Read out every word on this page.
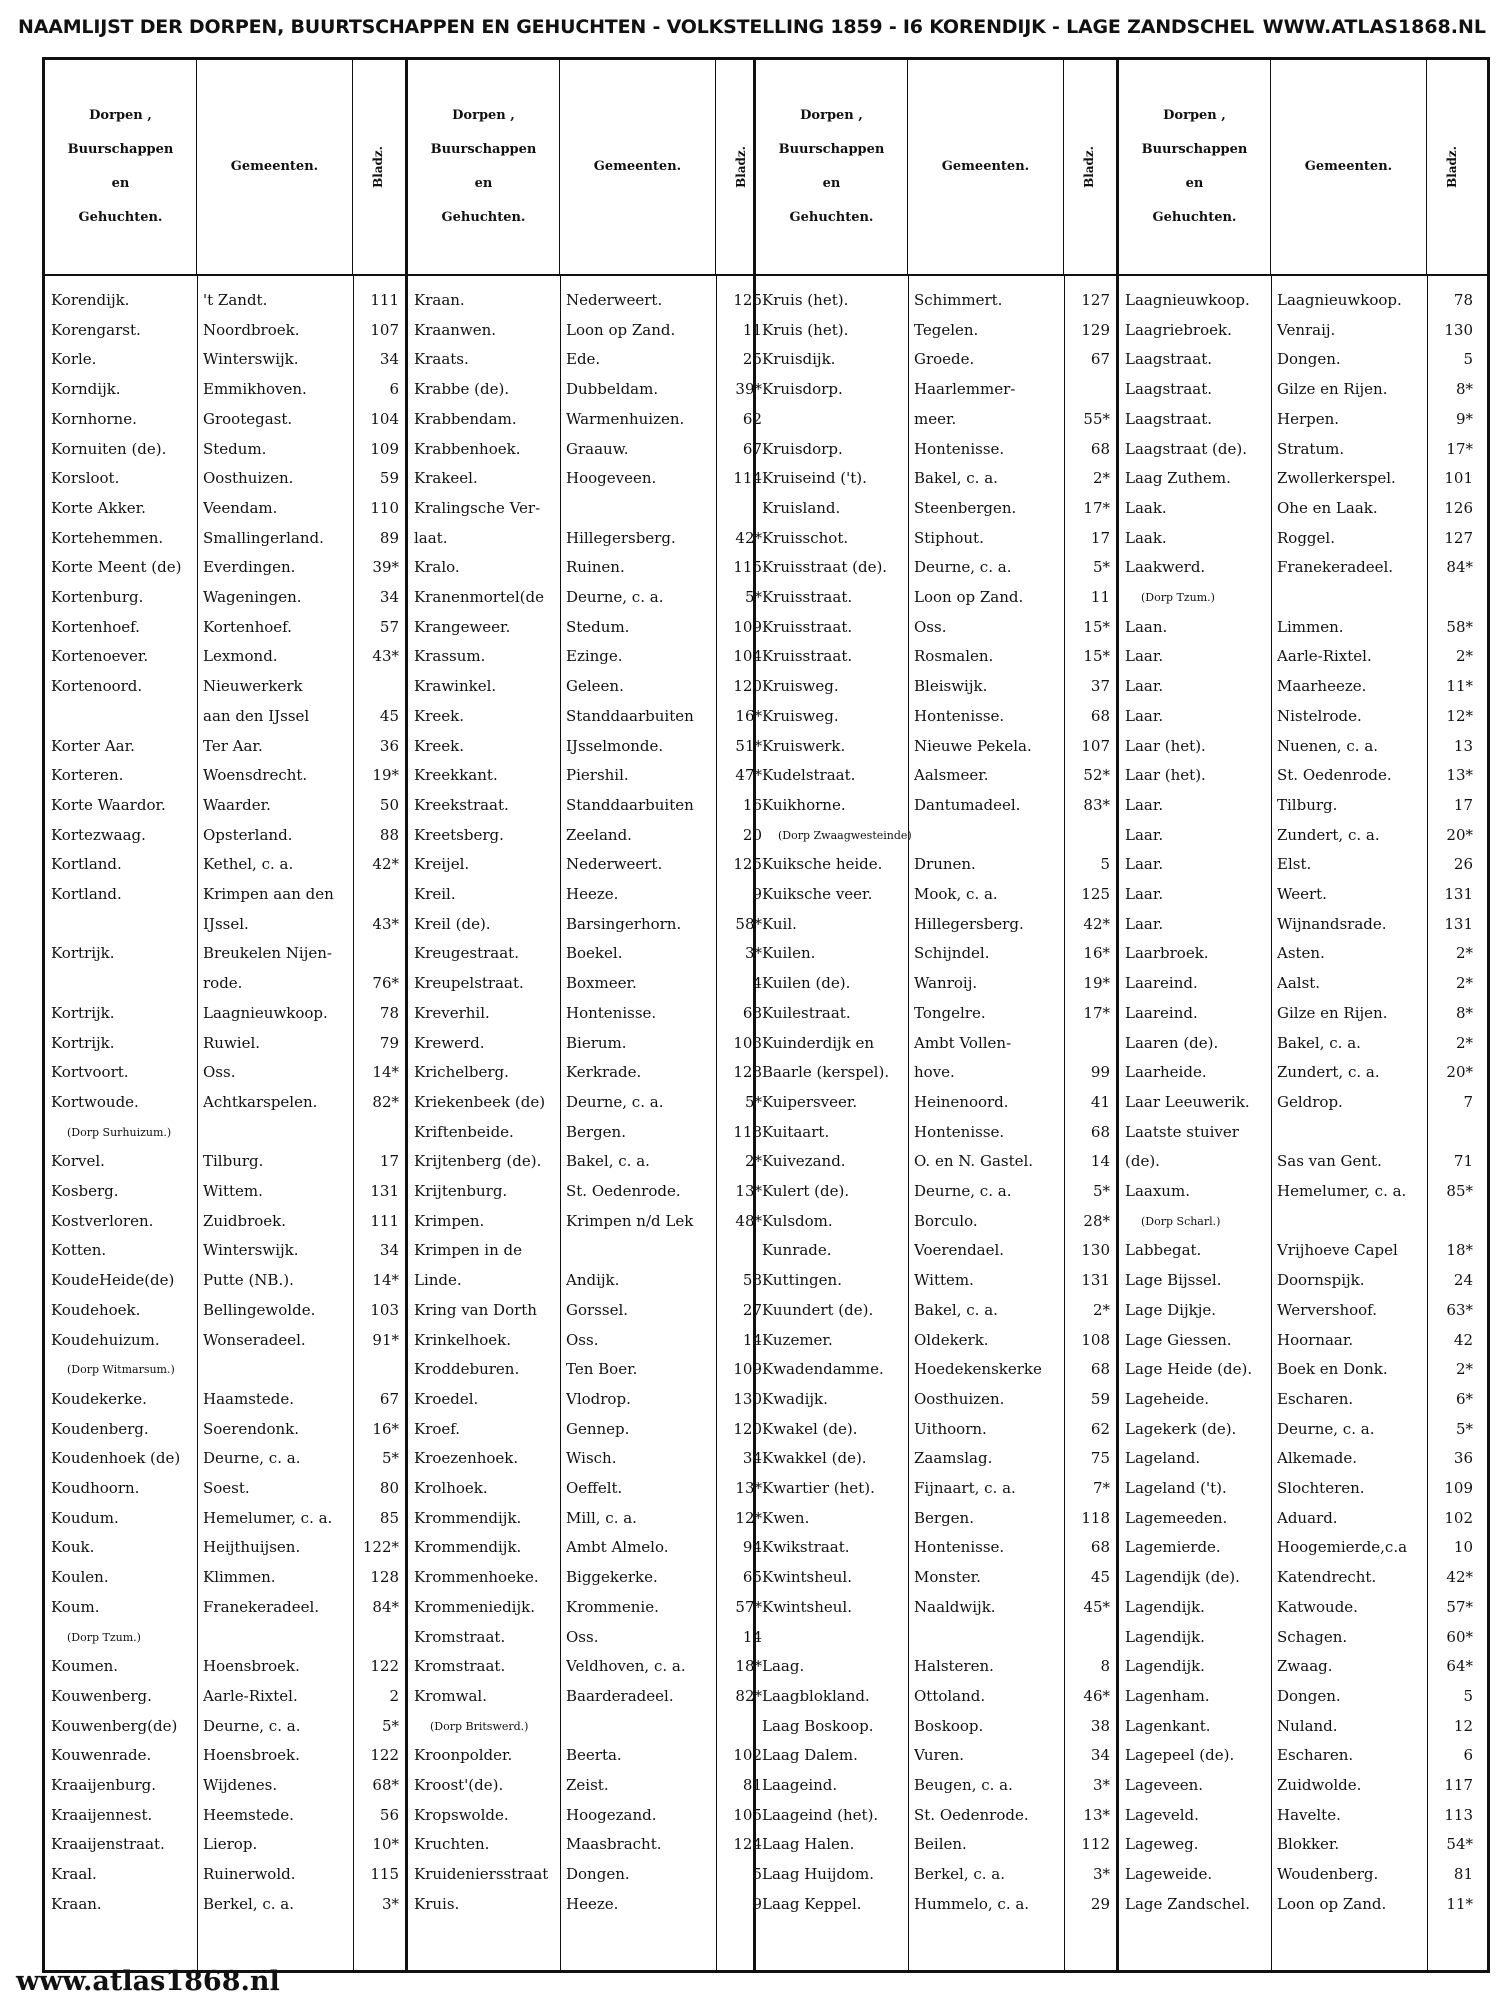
NAAMLIJST DER DORPEN, BUURTSCHAPPEN EN GEHUCHTEN - VOLKSTELLING 1859 - I6 KORENDIJK - LAGE ZANDSCHEL WWW.ATLAS1868.NL
Dorpen ,
Buurschappen
en
Gehuchten.
Gemeenten.	Bladz.
Korendijk.	't Zandt.	111
Korengarst.	Noordbroek.	107
Korle.	Winterswijk.	34
Korndijk.	Emmikhoven.	6
Kornhorne.	Grootegast.	104
Kornuiten (de).	Stedum.	109
Korsloot.	Oosthuizen.	59
Korte Akker.	Veendam.	110
Kortehemmen.	Smallingerland.	89
Korte Meent (de)	Everdingen.	39*
Kortenburg.	Wageningen.	34
Kortenhoef.	Kortenhoef.	57
Kortenoever.	Lexmond.	43*
Kortenoord.	Nieuwerkerk
aan den IJssel	45
Korter Aar.	Ter Aar.	36
Korteren.	Woensdrecht.	19*
Korte Waardor.	Waarder.	50
Kortezwaag.	Opsterland.	88
Kortland.	Kethel, c. a.	42*
Kortland.	Krimpen aan den
IJssel.	43*
Kortrijk.	Breukelen Nijen-
rode.	76*
Kortrijk.	Laagnieuwkoop.	78
Kortrijk.	Ruwiel.	79
Kortvoort.	Oss.	14*
Kortwoude.	Achtkarspelen.	82*
(Dorp Surhuizum.)
Korvel.	Tilburg.	17
Kosberg.	Wittem.	131
Kostverloren.	Zuidbroek.	111
Kotten.	Winterswijk.	34
KoudeHeide(de)	Putte (NB.).	14*
Koudehoek.	Bellingewolde.	103
Koudehuizum.	Wonseradeel.	91*
(Dorp Witmarsum.)
Koudekerke.	Haamstede.	67
Koudenberg.	Soerendonk.	16*
Koudenhoek (de)	Deurne, c. a.	5*
Koudhoorn.	Soest.	80
Koudum.	Hemelumer, c. a.	85
Kouk.	Heijthuijsen.	122*
Koulen.	Klimmen.	128
Koum.	Franekeradeel.	84*
(Dorp Tzum.)
Koumen.	Hoensbroek.	122
Kouwenberg.	Aarle-Rixtel.	2
Kouwenberg(de)	Deurne, c. a.	5*
Kouwenrade.	Hoensbroek.	122
Kraaijenburg.	Wijdenes.	68*
Kraaijennest.	Heemstede.	56
Kraaijenstraat.	Lierop.	10*
Kraal.	Ruinerwold.	115
Kraan.	Berkel, c. a.	3*
Dorpen ,
Buurschappen
en
Gehuchten.
Gemeenten.	Bladz.
Kraan.	Nederweert.	125
Kraanwen.	Loon op Zand.	11
Kraats.	Ede.	25
Krabbe (de).	Dubbeldam.	39*
Krabbendam.	Warmenhuizen.	62
Krabbenhoek.	Graauw.	67
Krakeel.	Hoogeveen.	114
Kralingsche Ver-
laat.	Hillegersberg.	42*
Kralo.	Ruinen.	115
Kranenmortel(de	Deurne, c. a.	5*
Krangeweer.	Stedum.	109
Krassum.	Ezinge.	104
Krawinkel.	Geleen.	120
Kreek.	Standdaarbuiten	16*
Kreek.	IJsselmonde.	51*
Kreekkant.	Piershil.	47*
Kreekstraat.	Standdaarbuiten	16
Kreetsberg.	Zeeland.	20
Kreijel.	Nederweert.	125
Kreil.	Heeze.	9
Kreil (de).	Barsingerhorn.	58*
Kreugestraat.	Boekel.	3*
Kreupelstraat.	Boxmeer.	4
Kreverhil.	Hontenisse.	68
Krewerd.	Bierum.	103
Krichelberg.	Kerkrade.	128
Kriekenbeek (de)	Deurne, c. a.	5*
Kriftenbeide.	Bergen.	118
Krijtenberg (de).	Bakel, c. a.	2*
Krijtenburg.	St. Oedenrode.	13*
Krimpen.	Krimpen n/d Lek	48*
Krimpen in de
Linde.	Andijk.	58
Kring van Dorth	Gorssel.	27
Krinkelhoek.	Oss.	14
Kroddeburen.	Ten Boer.	109
Kroedel.	Vlodrop.	130
Kroef.	Gennep.	120
Kroezenhoek.	Wisch.	34
Krolhoek.	Oeffelt.	13*
Krommendijk.	Mill, c. a.	12*
Krommendijk.	Ambt Almelo.	94
Krommenhoeke.	Biggekerke.	65
Krommeniedijk.	Krommenie.	57*
Kromstraat.	Oss.	14
Kromstraat.	Veldhoven, c. a.	18*
Kromwal.	Baarderadeel.	82*
(Dorp Britswerd.)
Kroonpolder.	Beerta.	102
Kroost'(de).	Zeist.	81
Kropswolde.	Hoogezand.	105
Kruchten.	Maasbracht.	124
Kruideniersstraat	Dongen.	5
Kruis.	Heeze.	9
Dorpen ,
Buurschappen
en
Gehuchten.
Gemeenten.	Bladz.
Kruis (het).	Schimmert.	127
Kruis (het).	Tegelen.	129
Kruisdijk.	Groede.	67
Kruisdorp.	Haarlemmer-
meer.	55*
Kruisdorp.	Hontenisse.	68
Kruiseind ('t).	Bakel, c. a.	2*
Kruisland.	Steenbergen.	17*
Kruisschot.	Stiphout.	17
Kruisstraat (de).	Deurne, c. a.	5*
Kruisstraat.	Loon op Zand.	11
Kruisstraat.	Oss.	15*
Kruisstraat.	Rosmalen.	15*
Kruisweg.	Bleiswijk.	37
Kruisweg.	Hontenisse.	68
Kruiswerk.	Nieuwe Pekela.	107
Kudelstraat.	Aalsmeer.	52*
Kuikhorne.	Dantumadeel.	83*
(Dorp Zwaagwesteinde)
Kuiksche heide.	Drunen.	5
Kuiksche veer.	Mook, c. a.	125
Kuil.	Hillegersberg.	42*
Kuilen.	Schijndel.	16*
Kuilen (de).	Wanroij.	19*
Kuilestraat.	Tongelre.	17*
Kuinderdijk en	Ambt Vollen-
Baarle (kerspel).	hove.	99
Kuipersveer.	Heinenoord.	41
Kuitaart.	Hontenisse.	68
Kuivezand.	O. en N. Gastel.	14
Kulert (de).	Deurne, c. a.	5*
Kulsdom.	Borculo.	28*
Kunrade.	Voerendael.	130
Kuttingen.	Wittem.	131
Kuundert (de).	Bakel, c. a.	2*
Kuzemer.	Oldekerk.	108
Kwadendamme.	Hoedekenskerke	68
Kwadijk.	Oosthuizen.	59
Kwakel (de).	Uithoorn.	62
Kwakkel (de).	Zaamslag.	75
Kwartier (het).	Fijnaart, c. a.	7*
Kwen.	Bergen.	118
Kwikstraat.	Hontenisse.	68
Kwintsheul.	Monster.	45
Kwintsheul.	Naaldwijk.	45*
Laag.	Halsteren.	8
Laagblokland.	Ottoland.	46*
Laag Boskoop.	Boskoop.	38
Laag Dalem.	Vuren.	34
Laageind.	Beugen, c. a.	3*
Laageind (het).	St. Oedenrode.	13*
Laag Halen.	Beilen.	112
Laag Huijdom.	Berkel, c. a.	3*
Laag Keppel.	Hummelo, c. a.	29
Dorpen ,
Buurschappen
en
Gehuchten.
Gemeenten.	Bladz.
Laagnieuwkoop.	Laagnieuwkoop.	78
Laagriebroek.	Venraij.	130
Laagstraat.	Dongen.	5
Laagstraat.	Gilze en Rijen.	8*
Laagstraat.	Herpen.	9*
Laagstraat (de).	Stratum.	17*
Laag Zuthem.	Zwollerkerspel.	101
Laak.	Ohe en Laak.	126
Laak.	Roggel.	127
Laakwerd.	Franekeradeel.	84*
(Dorp Tzum.)
Laan.	Limmen.	58*
Laar.	Aarle-Rixtel.	2*
Laar.	Maarheeze.	11*
Laar.	Nistelrode.	12*
Laar (het).	Nuenen, c. a.	13
Laar (het).	St. Oedenrode.	13*
Laar.	Tilburg.	17
Laar.	Zundert, c. a.	20*
Laar.	Elst.	26
Laar.	Weert.	131
Laar.	Wijnandsrade.	131
Laarbroek.	Asten.	2*
Laareind.	Aalst.	2*
Laareind.	Gilze en Rijen.	8*
Laaren (de).	Bakel, c. a.	2*
Laarheide.	Zundert, c. a.	20*
Laar Leeuwerik.	Geldrop.	7
Laatste stuiver
(de).	Sas van Gent.	71
Laaxum.	Hemelumer, c. a.	85*
(Dorp Scharl.)
Labbegat.	Vrijhoeve Capel	18*
Lage Bijssel.	Doornspijk.	24
Lage Dijkje.	Wervershoof.	63*
Lage Giessen.	Hoornaar.	42
Lage Heide (de).	Boek en Donk.	2*
Lageheide.	Escharen.	6*
Lagekerk (de).	Deurne, c. a.	5*
Lageland.	Alkemade.	36
Lageland ('t).	Slochteren.	109
Lagemeeden.	Aduard.	102
Lagemierde.	Hoogemierde,c.a	10
Lagendijk (de).	Katendrecht.	42*
Lagendijk.	Katwoude.	57*
Lagendijk.	Schagen.	60*
Lagendijk.	Zwaag.	64*
Lagenham.	Dongen.	5
Lagenkant.	Nuland.	12
Lagepeel (de).	Escharen.	6
Lageveen.	Zuidwolde.	117
Lageveld.	Havelte.	113
Lageweg.	Blokker.	54*
Lageweide.	Woudenberg.	81
Lage Zandschel.	Loon op Zand.	11*
www.atlas1868.nl
